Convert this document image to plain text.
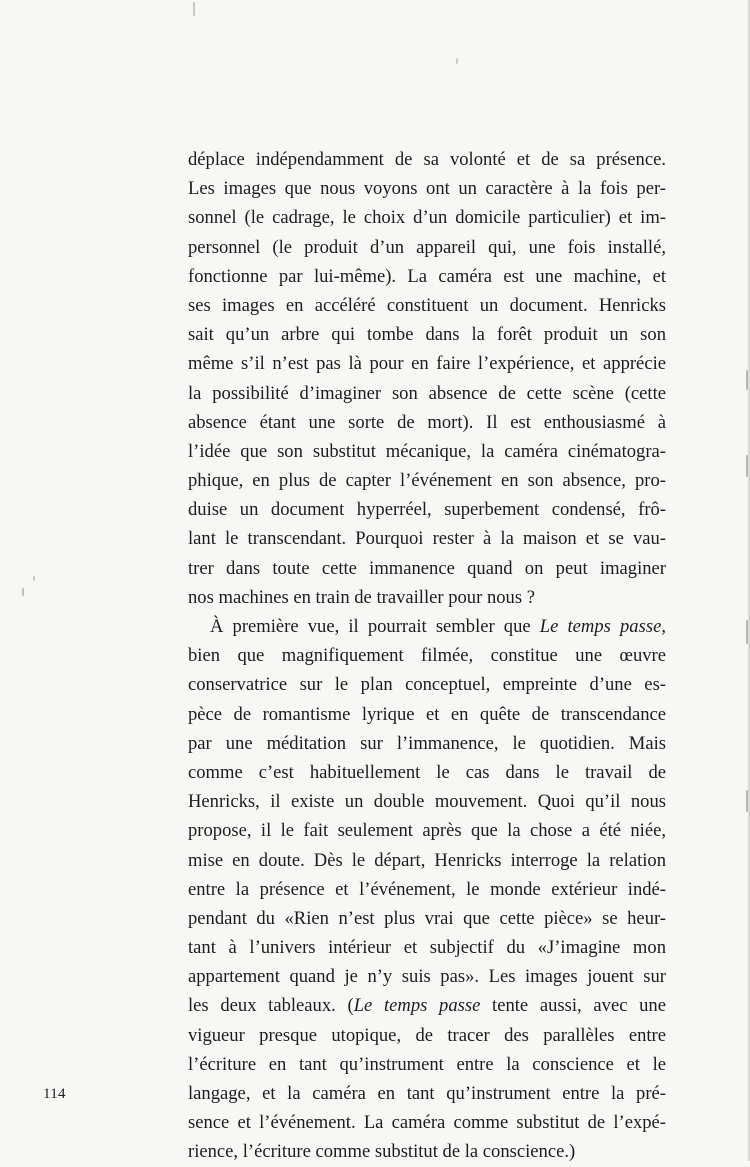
déplace indépendamment de sa volonté et de sa présence.
Les images que nous voyons ont un caractère à la fois per-
sonnel (le cadrage, le choix d’un domicile particulier) et im-
personnel (le produit d’un appareil qui, une fois installé,
fonctionne par lui-même). La caméra est une machine, et
ses images en accéléré constituent un document. Henricks
sait qu’un arbre qui tombe dans la forêt produit un son
même s’il n’est pas là pour en faire l’expérience, et apprécie
la possibilité d’imaginer son absence de cette scène (cette
absence étant une sorte de mort). Il est enthousiasmé à
l’idée que son substitut mécanique, la caméra cinématogra-
phique, en plus de capter l’événement en son absence, pro-
duise un document hyperréel, superbement condensé, frô-
lant le transcendant. Pourquoi rester à la maison et se vau-
trer dans toute cette immanence quand on peut imaginer
nos machines en train de travailler pour nous ?
À première vue, il pourrait sembler que Le temps passe,
bien que magnifiquement filmée, constitue une œuvre
conservatrice sur le plan conceptuel, empreinte d’une es-
pèce de romantisme lyrique et en quête de transcendance
par une méditation sur l’immanence, le quotidien. Mais
comme c’est habituellement le cas dans le travail de
Henricks, il existe un double mouvement. Quoi qu’il nous
propose, il le fait seulement après que la chose a été niée,
mise en doute. Dès le départ, Henricks interroge la relation
entre la présence et l’événement, le monde extérieur indé-
pendant du «Rien n’est plus vrai que cette pièce» se heur-
tant à l’univers intérieur et subjectif du «J’imagine mon
appartement quand je n’y suis pas». Les images jouent sur
les deux tableaux. (Le temps passe tente aussi, avec une
vigueur presque utopique, de tracer des parallèles entre
l’écriture en tant qu’instrument entre la conscience et le
langage, et la caméra en tant qu’instrument entre la pré-
sence et l’événement. La caméra comme substitut de l’expé-
rience, l’écriture comme substitut de la conscience.)
114
